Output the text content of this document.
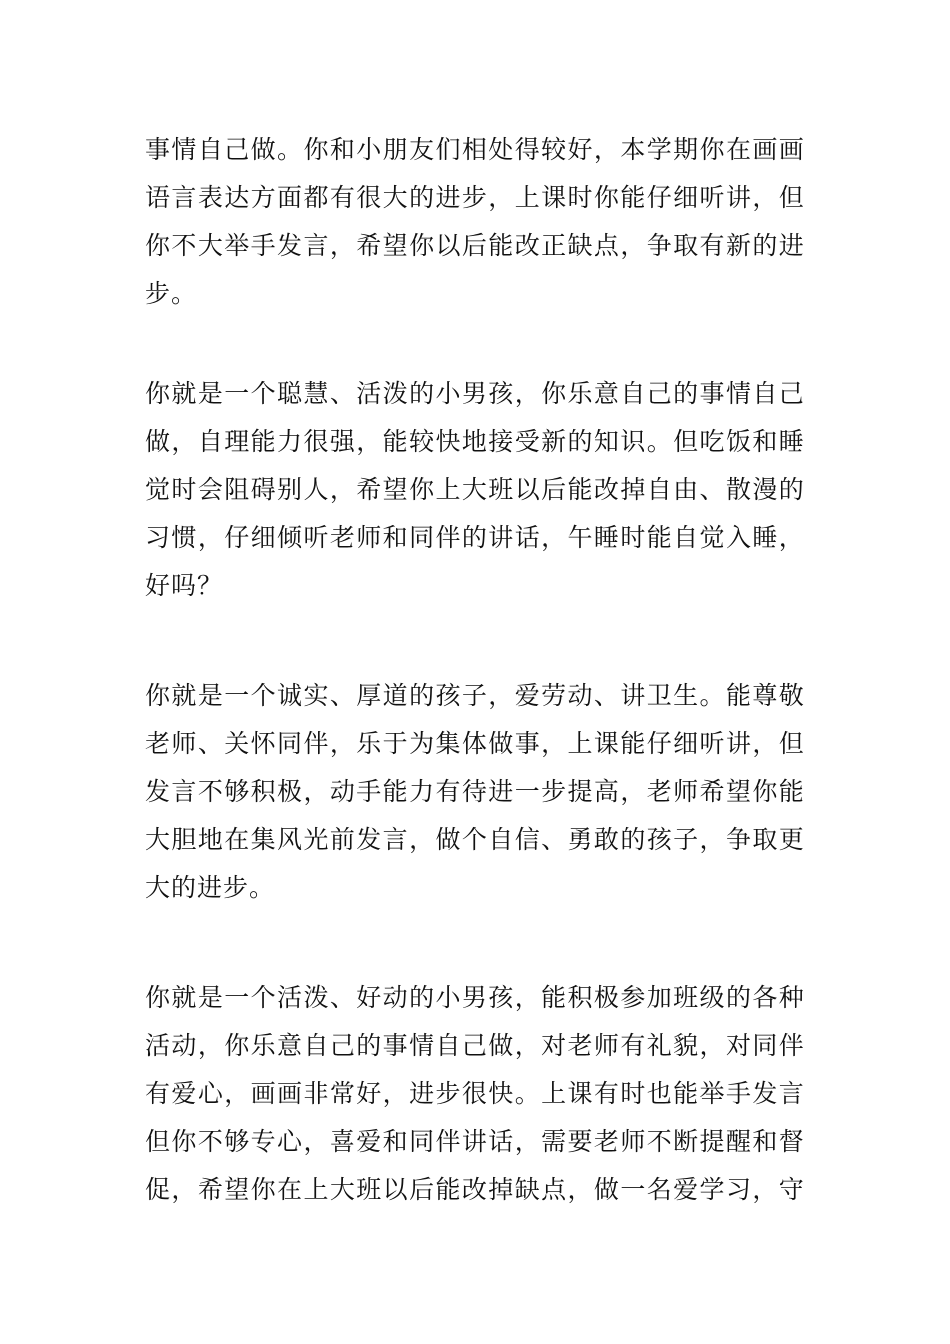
事 情 自 己 做 。 你 和 小 朋 友 们 相 处 得 较 好 ， 本 学 期 你 在 画 画
语 言 表 达 方 面 都 有 很 大 的 进 步 ， 上 课 时 你 能 仔 细 听 讲 ， 但
你 不 大 举 手 发 言 ， 希 望 你 以 后 能 改 正 缺 点 ， 争 取 有 新 的 进
步。
你 就 是 一 个 聪 慧 、 活 泼 的 小 男 孩 ， 你 乐 意 自 己 的 事 情 自 己
做 ， 自 理 能 力 很 强 ， 能 较 快 地 接 受 新 的 知 识 。 但 吃 饭 和 睡
觉 时 会 阻 碍 别 人 ， 希 望 你 上 大 班 以 后 能 改 掉 自 由 、 散 漫 的
习 惯 ， 仔 细 倾 听 老 师 和 同 伴 的 讲 话 ， 午 睡 时 能 自 觉 入 睡 ，
好吗？
你 就 是 一 个 诚 实 、 厚 道 的 孩 子 ， 爱 劳 动 、 讲 卫 生 。 能 尊 敬
老 师 、 关 怀 同 伴 ， 乐 于 为 集 体 做 事 ， 上 课 能 仔 细 听 讲 ， 但
发 言 不 够 积 极 ， 动 手 能 力 有 待 进 一 步 提 高 ， 老 师 希 望 你 能
大 胆 地 在 集 风 光 前 发 言 ， 做 个 自 信 、 勇 敢 的 孩 子 ， 争 取 更
大的进步。
你 就 是 一 个 活 泼 、 好 动 的 小 男 孩 ， 能 积 极 参 加 班 级 的 各 种
活 动 ， 你 乐 意 自 己 的 事 情 自 己 做 ， 对 老 师 有 礼 貌 ， 对 同 伴
有 爱 心 ， 画 画 非 常 好 ， 进 步 很 快 。 上 课 有 时 也 能 举 手 发 言
但 你 不 够 专 心 ， 喜 爱 和 同 伴 讲 话 ， 需 要 老 师 不 断 提 醒 和 督
促 ， 希 望 你 在 上 大 班 以 后 能 改 掉 缺 点 ， 做 一 名 爱 学 习 ， 守
